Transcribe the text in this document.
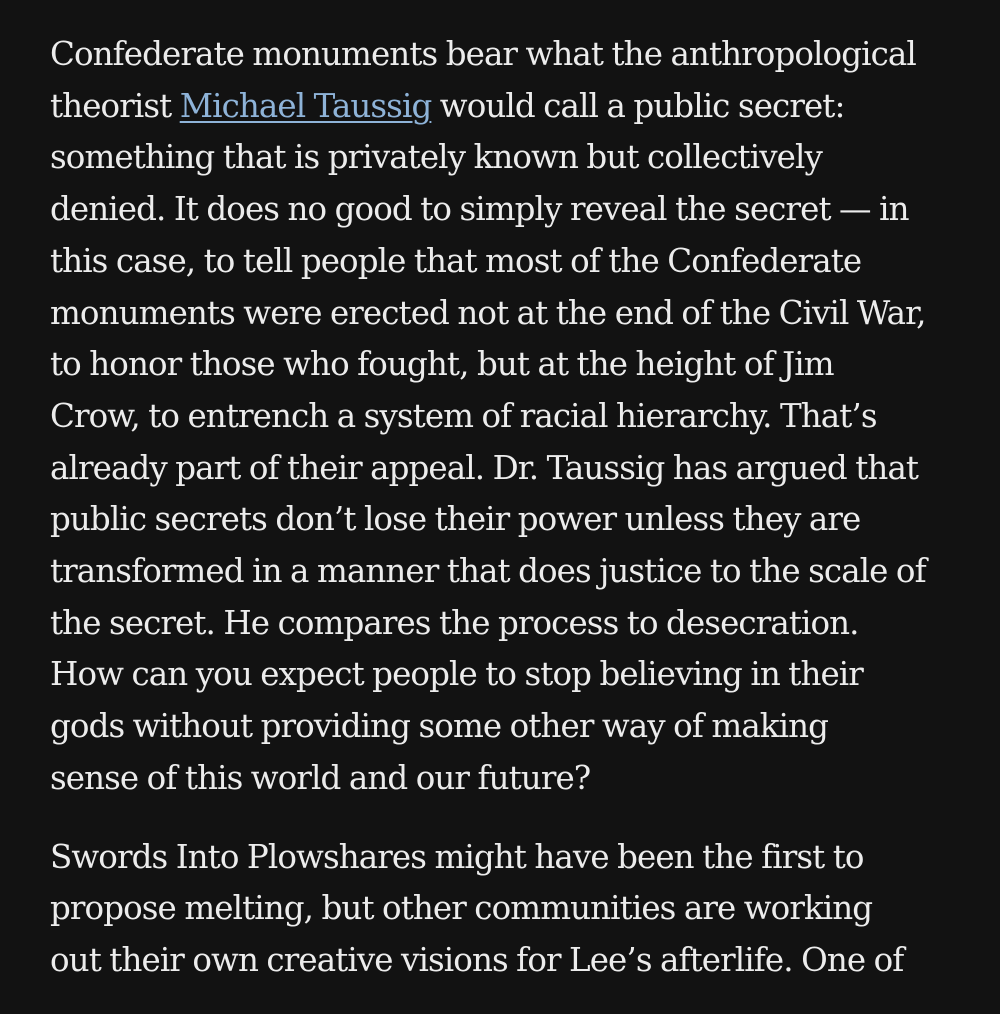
Confederate monuments bear what the anthropological
theorist Michael Taussig would call a public secret:
something that is privately known but collectively
denied. It does no good to simply reveal the secret — in
this case, to tell people that most of the Confederate
monuments were erected not at the end of the Civil War,
to honor those who fought, but at the height of Jim
Crow, to entrench a system of racial hierarchy. That’s
already part of their appeal. Dr. Taussig has argued that
public secrets don’t lose their power unless they are
transformed in a manner that does justice to the scale of
the secret. He compares the process to desecration.
How can you expect people to stop believing in their
gods without providing some other way of making
sense of this world and our future?

Swords Into Plowshares might have been the first to
propose melting, but other communities are working
out their own creative visions for Lee’s afterlife. One of
